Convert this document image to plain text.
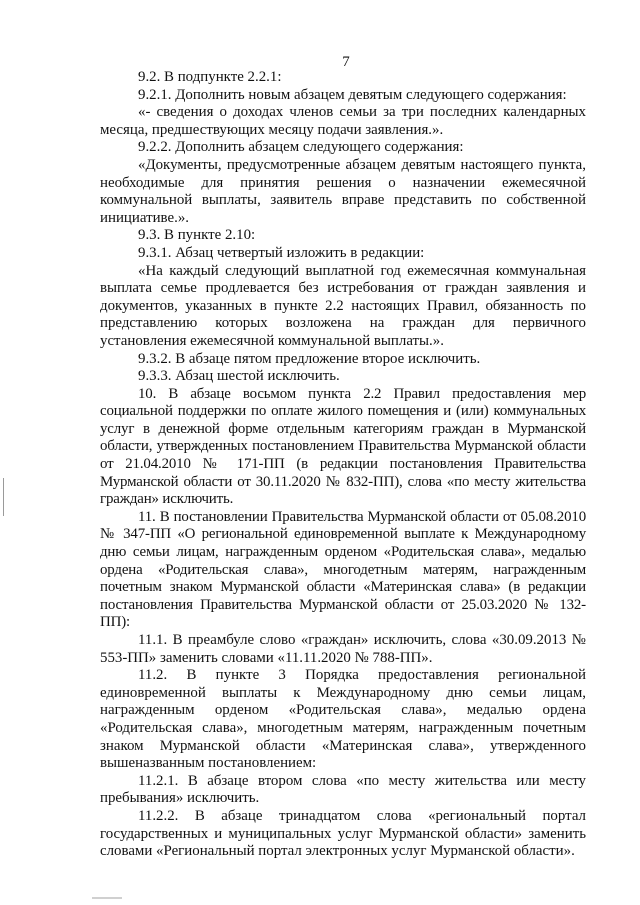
7

9.2. В подпункте 2.2.1:

9.2.1. Дополнить новым абзацем девятым следующего содержания:

«- сведения о доходах членов семьи за три последних календарных месяца, предшествующих месяцу подачи заявления.».

9.2.2. Дополнить абзацем следующего содержания:

«Документы, предусмотренные абзацем девятым настоящего пункта, необходимые для принятия решения о назначении ежемесячной коммунальной выплаты, заявитель вправе представить по собственной инициативе.».

9.3. В пункте 2.10:

9.3.1. Абзац четвертый изложить в редакции:

«На каждый следующий выплатной год ежемесячная коммунальная выплата семье продлевается без истребования от граждан заявления и документов, указанных в пункте 2.2 настоящих Правил, обязанность по представлению которых возложена на граждан для первичного установления ежемесячной коммунальной выплаты.».

9.3.2. В абзаце пятом предложение второе исключить.

9.3.3. Абзац шестой исключить.

10. В абзаце восьмом пункта 2.2 Правил предоставления мер социальной поддержки по оплате жилого помещения и (или) коммунальных услуг в денежной форме отдельным категориям граждан в Мурманской области, утвержденных постановлением Правительства Мурманской области от 21.04.2010 № 171-ПП (в редакции постановления Правительства Мурманской области от 30.11.2020 № 832-ПП), слова «по месту жительства граждан» исключить.

11. В постановлении Правительства Мурманской области от 05.08.2010 № 347-ПП «О региональной единовременной выплате к Международному дню семьи лицам, награжденным орденом «Родительская слава», медалью ордена «Родительская слава», многодетным матерям, награжденным почетным знаком Мурманской области «Материнская слава» (в редакции постановления Правительства Мурманской области от 25.03.2020 № 132-ПП):

11.1. В преамбуле слово «граждан» исключить, слова «30.09.2013 № 553-ПП» заменить словами «11.11.2020 № 788-ПП».

11.2. В пункте 3 Порядка предоставления региональной единовременной выплаты к Международному дню семьи лицам, награжденным орденом «Родительская слава», медалью ордена «Родительская слава», многодетным матерям, награжденным почетным знаком Мурманской области «Материнская слава», утвержденного вышеназванным постановлением:

11.2.1. В абзаце втором слова «по месту жительства или месту пребывания» исключить.

11.2.2. В абзаце тринадцатом слова «региональный портал государственных и муниципальных услуг Мурманской области» заменить словами «Региональный портал электронных услуг Мурманской области».
